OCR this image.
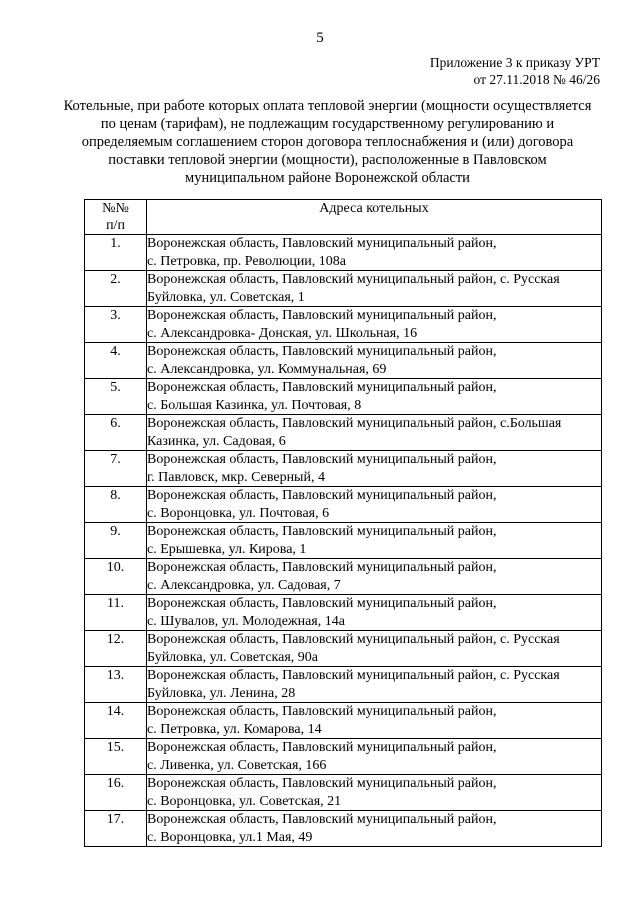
5
Приложение 3 к приказу УРТ
от 27.11.2018 № 46/26
Котельные, при работе которых оплата тепловой энергии (мощности осуществляется по ценам (тарифам), не подлежащим государственному регулированию и определяемым соглашением сторон договора теплоснабжения и (или) договора поставки тепловой энергии (мощности), расположенные в Павловском муниципальном районе Воронежской области
№№
п/п	Адреса котельных
1.	Воронежская область, Павловский муниципальный район,
с. Петровка, пр. Революции, 108а

2.	Воронежская область, Павловский муниципальный район, с. Русская
Буйловка, ул. Советская, 1

3.	Воронежская область, Павловский муниципальный район,
с. Александровка- Донская, ул. Школьная, 16

4.	Воронежская область, Павловский муниципальный район,
с. Александровка, ул. Коммунальная, 69

5.	Воронежская область, Павловский муниципальный район,
с. Большая Казинка, ул. Почтовая, 8

6.	Воронежская область, Павловский муниципальный район, с.Большая
Казинка, ул. Садовая, 6

7.	Воронежская область, Павловский муниципальный район,
г. Павловск, мкр. Северный, 4

8.	Воронежская область, Павловский муниципальный район,
с. Воронцовка, ул. Почтовая, 6

9.	Воронежская область, Павловский муниципальный район,
с. Ерышевка, ул. Кирова, 1

10.	Воронежская область, Павловский муниципальный район,
с. Александровка, ул. Садовая, 7

11.	Воронежская область, Павловский муниципальный район,
с. Шувалов, ул. Молодежная, 14а

12.	Воронежская область, Павловский муниципальный район, с. Русская
Буйловка, ул. Советская, 90а

13.	Воронежская область, Павловский муниципальный район, с. Русская
Буйловка, ул. Ленина, 28

14.	Воронежская область, Павловский муниципальный район,
с. Петровка, ул. Комарова, 14

15.	Воронежская область, Павловский муниципальный район,
с. Ливенка, ул. Советская, 166

16.	Воронежская область, Павловский муниципальный район,
с. Воронцовка, ул. Советская, 21

17.	Воронежская область, Павловский муниципальный район,
с. Воронцовка, ул.1 Мая, 49
